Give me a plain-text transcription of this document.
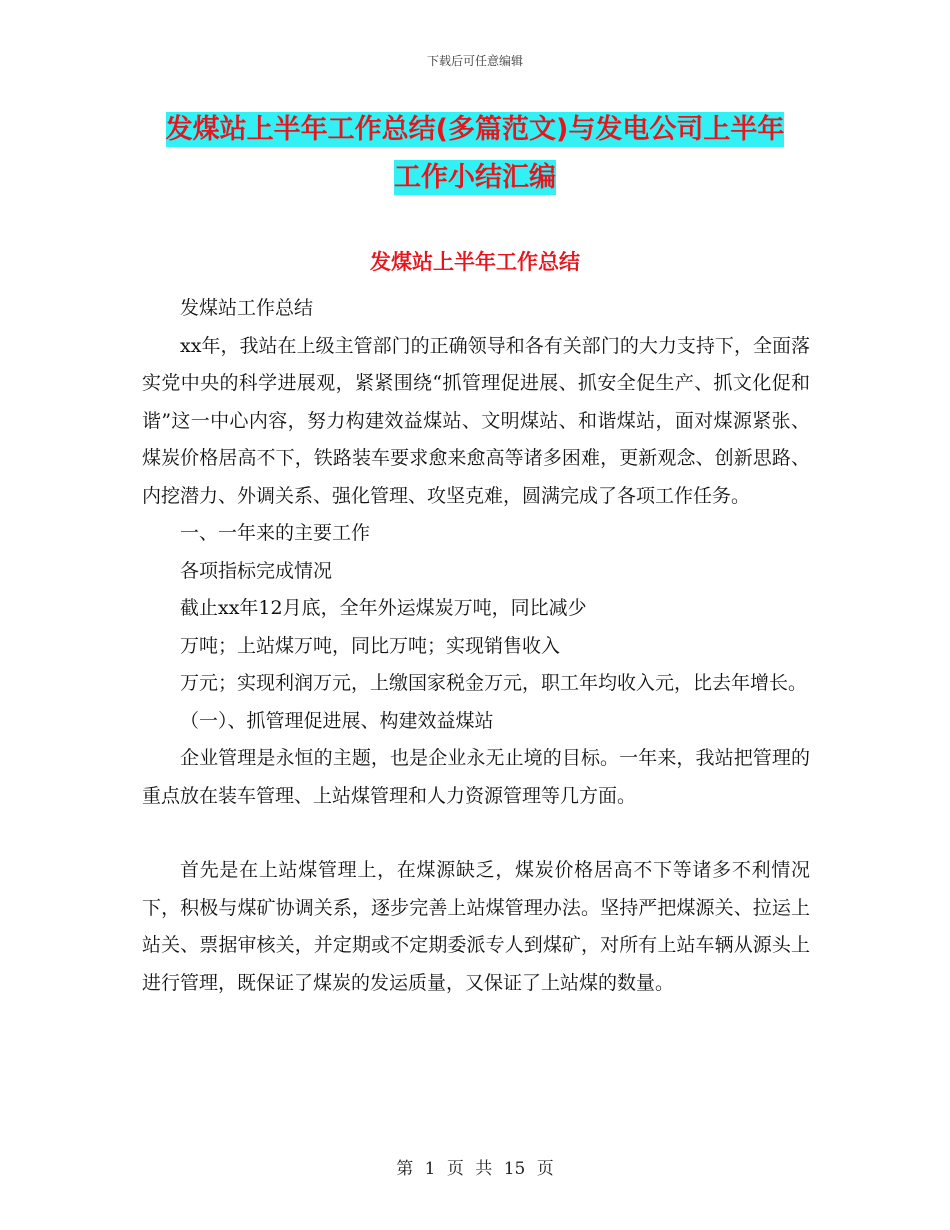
下载后可任意编辑
发煤站上半年工作总结(多篇范文)与发电公司上半年
工作小结汇编
发煤站上半年工作总结

发煤站工作总结

xx年，我站在上级主管部门的正确领导和各有关部门的大力支持下，全面落实党中央的科学进展观，紧紧围绕“抓管理促进展、抓安全促生产、抓文化促和谐”这一中心内容，努力构建效益煤站、文明煤站、和谐煤站，面对煤源紧张、煤炭价格居高不下，铁路装车要求愈来愈高等诸多困难，更新观念、创新思路、内挖潜力、外调关系、强化管理、攻坚克难，圆满完成了各项工作任务。

一、一年来的主要工作

各项指标完成情况

截止xx年12月底，全年外运煤炭万吨，同比减少

万吨；上站煤万吨，同比万吨；实现销售收入

万元；实现利润万元，上缴国家税金万元，职工年均收入元，比去年增长。

（一）、抓管理促进展、构建效益煤站

企业管理是永恒的主题，也是企业永无止境的目标。一年来，我站把管理的重点放在装车管理、上站煤管理和人力资源管理等几方面。

首先是在上站煤管理上，在煤源缺乏，煤炭价格居高不下等诸多不利情况下，积极与煤矿协调关系，逐步完善上站煤管理办法。坚持严把煤源关、拉运上站关、票据审核关，并定期或不定期委派专人到煤矿，对所有上站车辆从源头上进行管理，既保证了煤炭的发运质量，又保证了上站煤的数量。

第 1 页 共 15 页
